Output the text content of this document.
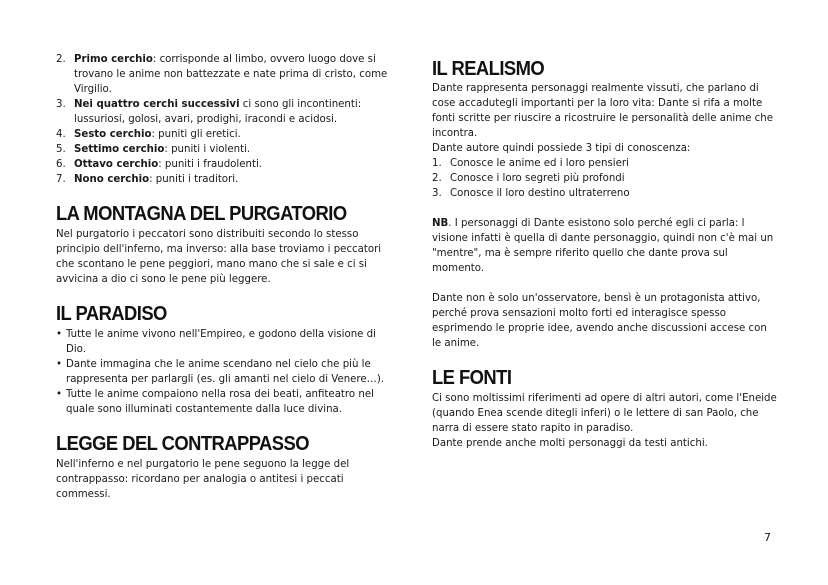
2. Primo cerchio: corrisponde al limbo, ovvero luogo dove si trovano le anime non battezzate e nate prima di cristo, come Virgilio.
3. Nei quattro cerchi successivi ci sono gli incontinenti: lussuriosi, golosi, avari, prodighi, iracondi e acidosi.
4. Sesto cerchio: puniti gli eretici.
5. Settimo cerchio: puniti i violenti.
6. Ottavo cerchio: puniti i fraudolenti.
7. Nono cerchio: puniti i traditori.
LA MONTAGNA DEL PURGATORIO

Nel purgatorio i peccatori sono distribuiti secondo lo stesso principio dell'inferno, ma inverso: alla base troviamo i peccatori che scontano le pene peggiori, mano mano che si sale e ci si avvicina a dio ci sono le pene più leggere.

IL PARADISO
• Tutte le anime vivono nell'Empireo, e godono della visione di Dio.
• Dante immagina che le anime scendano nel cielo che più le rappresenta per parlargli (es. gli amanti nel cielo di Venere…).
• Tutte le anime compaiono nella rosa dei beati, anfiteatro nel quale sono illuminati costantemente dalla luce divina.
LEGGE DEL CONTRAPPASSO

Nell'inferno e nel purgatorio le pene seguono la legge del contrappasso: ricordano per analogia o antitesi i peccati commessi.

IL REALISMO

Dante rappresenta personaggi realmente vissuti, che parlano di cose accadutegli importanti per la loro vita: Dante si rifa a molte fonti scritte per riuscire a ricostruire le personalità delle anime che incontra.

Dante autore quindi possiede 3 tipi di conoscenza:

1. Conosce le anime ed i loro pensieri
2. Conosce i loro segreti più profondi
3. Conosce il loro destino ultraterreno

NB. I personaggi di Dante esistono solo perché egli ci parla: l visione infatti è quella di dante personaggio, quindi non c'è mai un "mentre", ma è sempre riferito quello che dante prova sul momento.

Dante non è solo un'osservatore, bensì è un protagonista attivo, perché prova sensazioni molto forti ed interagisce spesso esprimendo le proprie idee, avendo anche discussioni accese con le anime.

LE FONTI

Ci sono moltissimi riferimenti ad opere di altri autori, come l'Eneide (quando Enea scende ditegli inferi) o le lettere di san Paolo, che narra di essere stato rapito in paradiso.

Dante prende anche molti personaggi da testi antichi.

7
